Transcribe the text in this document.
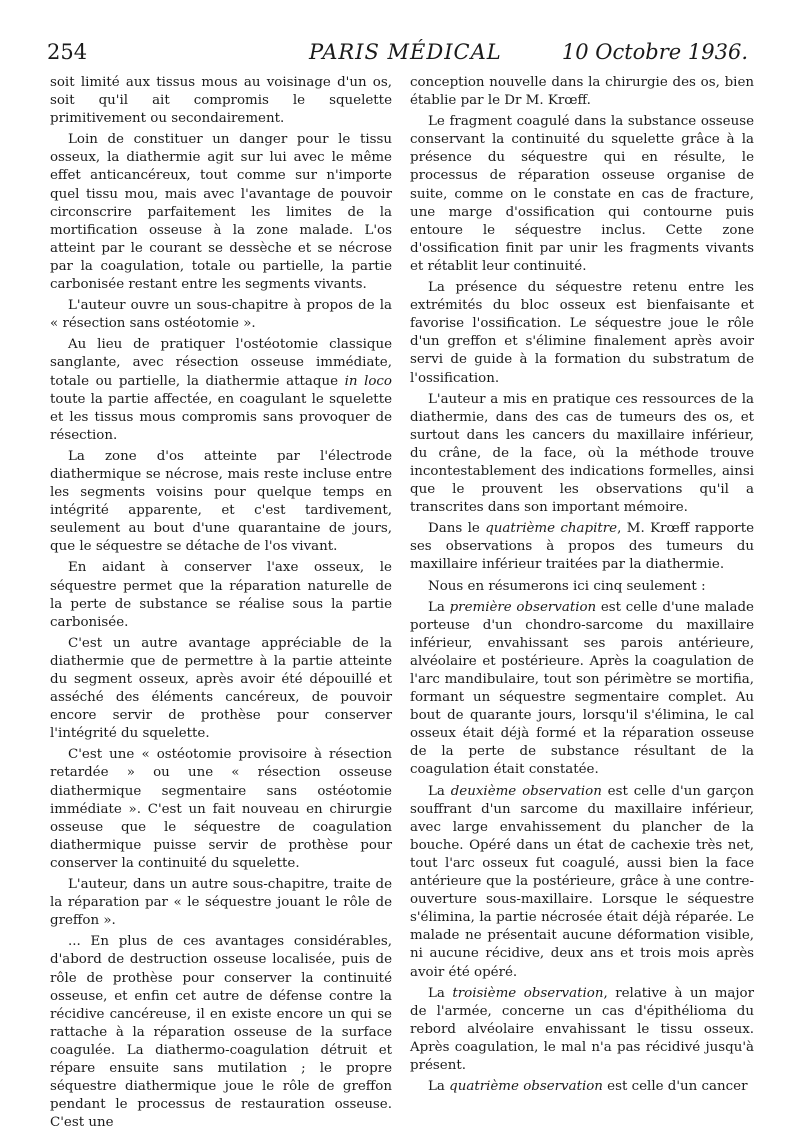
254	PARIS MÉDICAL	10 Octobre 1936.

soit limité aux tissus mous au voisinage d'un os, soit qu'il ait compromis le squelette primitivement ou secondairement.

Loin de constituer un danger pour le tissu osseux, la diathermie agit sur lui avec le même effet anticancéreux, tout comme sur n'importe quel tissu mou, mais avec l'avantage de pouvoir circonscrire parfaitement les limites de la mortification osseuse à la zone malade. L'os atteint par le courant se dessèche et se nécrose par la coagulation, totale ou partielle, la partie carbonisée restant entre les segments vivants.

L'auteur ouvre un sous-chapitre à propos de la « résection sans ostéotomie ».

Au lieu de pratiquer l'ostéotomie classique sanglante, avec résection osseuse immédiate, totale ou partielle, la diathermie attaque in loco toute la partie affectée, en coagulant le squelette et les tissus mous compromis sans provoquer de résection.

La zone d'os atteinte par l'électrode diathermique se nécrose, mais reste incluse entre les segments voisins pour quelque temps en intégrité apparente, et c'est tardivement, seulement au bout d'une quarantaine de jours, que le séquestre se détache de l'os vivant.

En aidant à conserver l'axe osseux, le séquestre permet que la réparation naturelle de la perte de substance se réalise sous la partie carbonisée.

C'est un autre avantage appréciable de la diathermie que de permettre à la partie atteinte du segment osseux, après avoir été dépouillé et asséché des éléments cancéreux, de pouvoir encore servir de prothèse pour conserver l'intégrité du squelette.

C'est une « ostéotomie provisoire à résection retardée » ou une « résection osseuse diathermique segmentaire sans ostéotomie immédiate ». C'est un fait nouveau en chirurgie osseuse que le séquestre de coagulation diathermique puisse servir de prothèse pour conserver la continuité du squelette.

L'auteur, dans un autre sous-chapitre, traite de la réparation par « le séquestre jouant le rôle de greffon ».

... En plus de ces avantages considérables, d'abord de destruction osseuse localisée, puis de rôle de prothèse pour conserver la continuité osseuse, et enfin cet autre de défense contre la récidive cancéreuse, il en existe encore un qui se rattache à la réparation osseuse de la surface coagulée. La diathermo-coagulation détruit et répare ensuite sans mutilation ; le propre séquestre diathermique joue le rôle de greffon pendant le processus de restauration osseuse. C'est une

conception nouvelle dans la chirurgie des os, bien établie par le Dr M. Krœff.

Le fragment coagulé dans la substance osseuse conservant la continuité du squelette grâce à la présence du séquestre qui en résulte, le processus de réparation osseuse organise de suite, comme on le constate en cas de fracture, une marge d'ossification qui contourne puis entoure le séquestre inclus. Cette zone d'ossification finit par unir les fragments vivants et rétablit leur continuité.

La présence du séquestre retenu entre les extrémités du bloc osseux est bienfaisante et favorise l'ossification. Le séquestre joue le rôle d'un greffon et s'élimine finalement après avoir servi de guide à la formation du substratum de l'ossification.

L'auteur a mis en pratique ces ressources de la diathermie, dans des cas de tumeurs des os, et surtout dans les cancers du maxillaire inférieur, du crâne, de la face, où la méthode trouve incontestablement des indications formelles, ainsi que le prouvent les observations qu'il a transcrites dans son important mémoire.

Dans le quatrième chapitre, M. Krœff rapporte ses observations à propos des tumeurs du maxillaire inférieur traitées par la diathermie.

Nous en résumerons ici cinq seulement :

La première observation est celle d'une malade porteuse d'un chondro-sarcome du maxillaire inférieur, envahissant ses parois antérieure, alvéolaire et postérieure. Après la coagulation de l'arc mandibulaire, tout son périmètre se mortifia, formant un séquestre segmentaire complet. Au bout de quarante jours, lorsqu'il s'élimina, le cal osseux était déjà formé et la réparation osseuse de la perte de substance résultant de la coagulation était constatée.

La deuxième observation est celle d'un garçon souffrant d'un sarcome du maxillaire inférieur, avec large envahissement du plancher de la bouche. Opéré dans un état de cachexie très net, tout l'arc osseux fut coagulé, aussi bien la face antérieure que la postérieure, grâce à une contre-ouverture sous-maxillaire. Lorsque le séquestre s'élimina, la partie nécrosée était déjà réparée. Le malade ne présentait aucune déformation visible, ni aucune récidive, deux ans et trois mois après avoir été opéré.

La troisième observation, relative à un major de l'armée, concerne un cas d'épithélioma du rebord alvéolaire envahissant le tissu osseux. Après coagulation, le mal n'a pas récidivé jusqu'à présent.

La quatrième observation est celle d'un cancer
